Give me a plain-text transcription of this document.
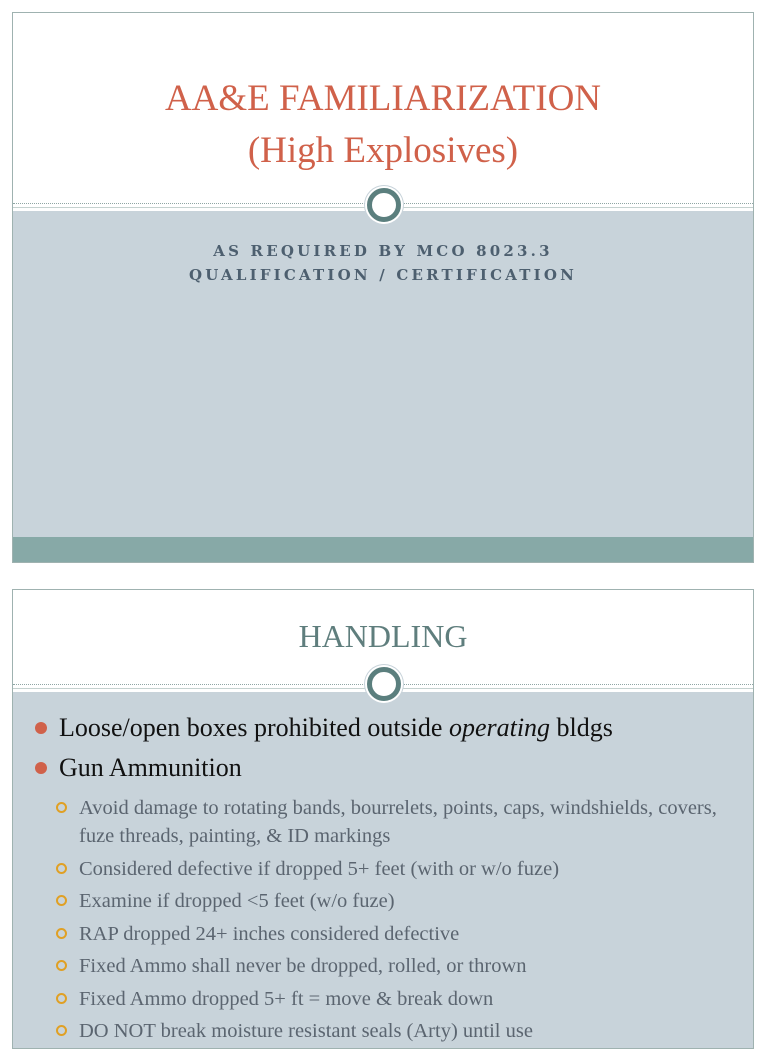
AA&E FAMILIARIZATION
(High Explosives)
AS REQUIRED BY MCO 8023.3
QUALIFICATION / CERTIFICATION
HANDLING
Loose/open boxes prohibited outside operating bldgs
Gun Ammunition
Avoid damage to rotating bands, bourrelets, points, caps, windshields, covers, fuze threads, painting, & ID markings
Considered defective if dropped 5+ feet (with or w/o fuze)
Examine if dropped <5 feet (w/o fuze)
RAP dropped 24+ inches considered defective
Fixed Ammo shall never be dropped, rolled, or thrown
Fixed Ammo dropped 5+ ft = move & break down
DO NOT break moisture resistant seals (Arty) until use
